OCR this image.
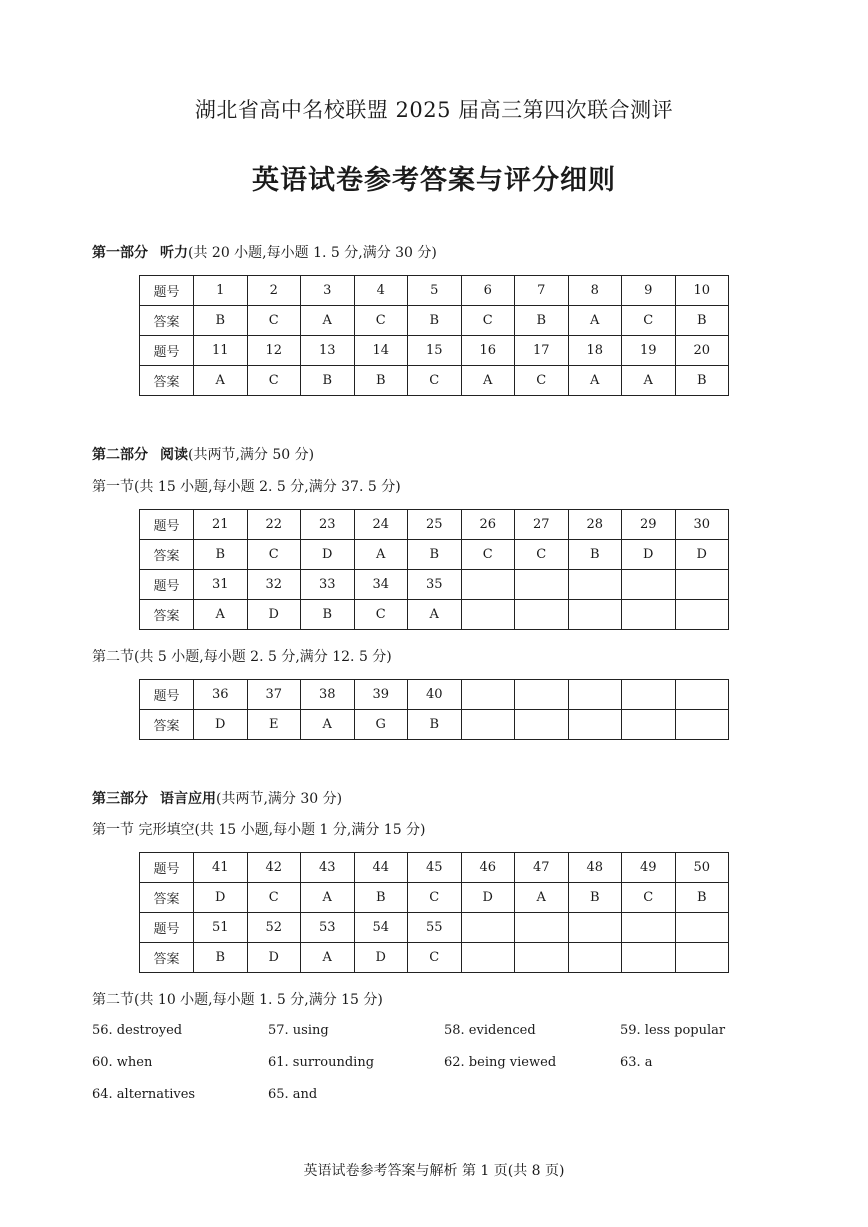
湖北省高中名校联盟 2025 届高三第四次联合测评
英语试卷参考答案与评分细则
第一部分 听力(共 20 小题,每小题 1. 5 分,满分 30 分)
题号	1	2	3	4	5	6	7	8	9	10
答案	B	C	A	C	B	C	B	A	C	B
题号	11	12	13	14	15	16	17	18	19	20
答案	A	C	B	B	C	A	C	A	A	B
第二部分 阅读(共两节,满分 50 分)
第一节(共 15 小题,每小题 2. 5 分,满分 37. 5 分)
题号	21	22	23	24	25	26	27	28	29	30
答案	B	C	D	A	B	C	C	B	D	D
题号	31	32	33	34	35					
答案	A	D	B	C	A					
第二节(共 5 小题,每小题 2. 5 分,满分 12. 5 分)
题号	36	37	38	39	40					
答案	D	E	A	G	B					
第三部分 语言应用(共两节,满分 30 分)
第一节 完形填空(共 15 小题,每小题 1 分,满分 15 分)
题号	41	42	43	44	45	46	47	48	49	50
答案	D	C	A	B	C	D	A	B	C	B
题号	51	52	53	54	55					
答案	B	D	A	D	C					
第二节(共 10 小题,每小题 1. 5 分,满分 15 分)
56. destroyed	57. using	58. evidenced	59. less popular
60. when	61. surrounding	62. being viewed	63. a
64. alternatives	65. and
英语试卷参考答案与解析 第 1 页(共 8 页)
